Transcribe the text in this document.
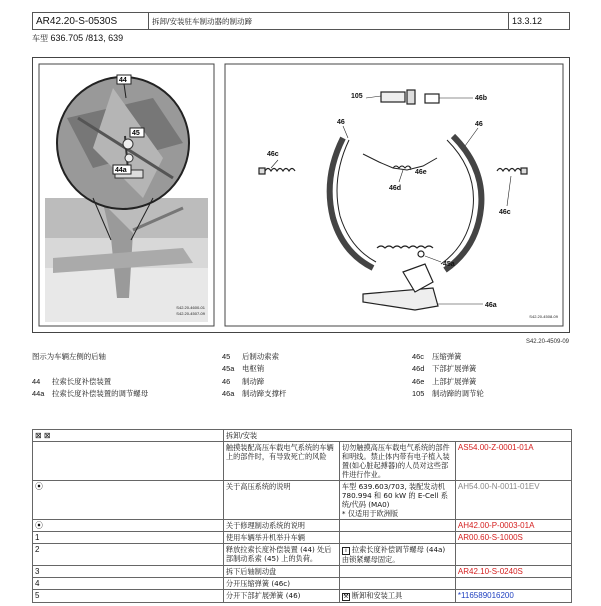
AR42.20-S-0530S	拆卸/安装驻车制动器的制动蹄	13.3.12
车型 636.705 /813, 639
44
45
44a
S42.20-4600-01
S42.20-4507-09
105	46b
46c
46	46
46d
46e
46c
45a
46a
S42.20-4508-09
S42.20-4509-09
图示为车辆左侧的后轴
44 拉索长度补偿装置
44a 拉索长度补偿装置的调节螺母
45 后制动索索
45a 电枢销
46 制动蹄
46a 制动蹄支撑杆
46c 压缩弹簧
46d 下部扩展弹簧
46e 上部扩展弹簧
105 制动蹄的调节轮
⊠ ⊠	拆卸/安装		
	触摸装配高压车载电气系统的车辆上的部件时，有导致死亡的风险	切勿触摸高压车载电气系统的部件和明线。禁止体内带有电子植入装置(如心脏起搏器)的人员对这些部件进行作业。	AS54.00-Z-0001-01A
⦿	关于高压系统的说明	车型 639.603/703, 装配发动机 780.994 和 60 kW 的 E-Cell 系统/代码 (MA0)
* 仅适用于欧洲版	AH54.00-N-0011-01EV
⦿	关于修理制动系统的说明		AH42.00-P-0003-01A
1	使用车辆举升机举升车辆		AR00.60-S-1000S
2	释放拉索长度补偿装置 (44) 处后部制动系索 (45) 上的负荷。	i 拉索长度补偿调节螺母 (44a) 由锁紧螺母固定。	
3	拆下后轴制动盘		AR42.10-S-0240S
4	分开压缩弹簧 (46c)		
5	分开下部扩展弹簧 (46)	⚒ 断卸和安装工具	*116589016200
